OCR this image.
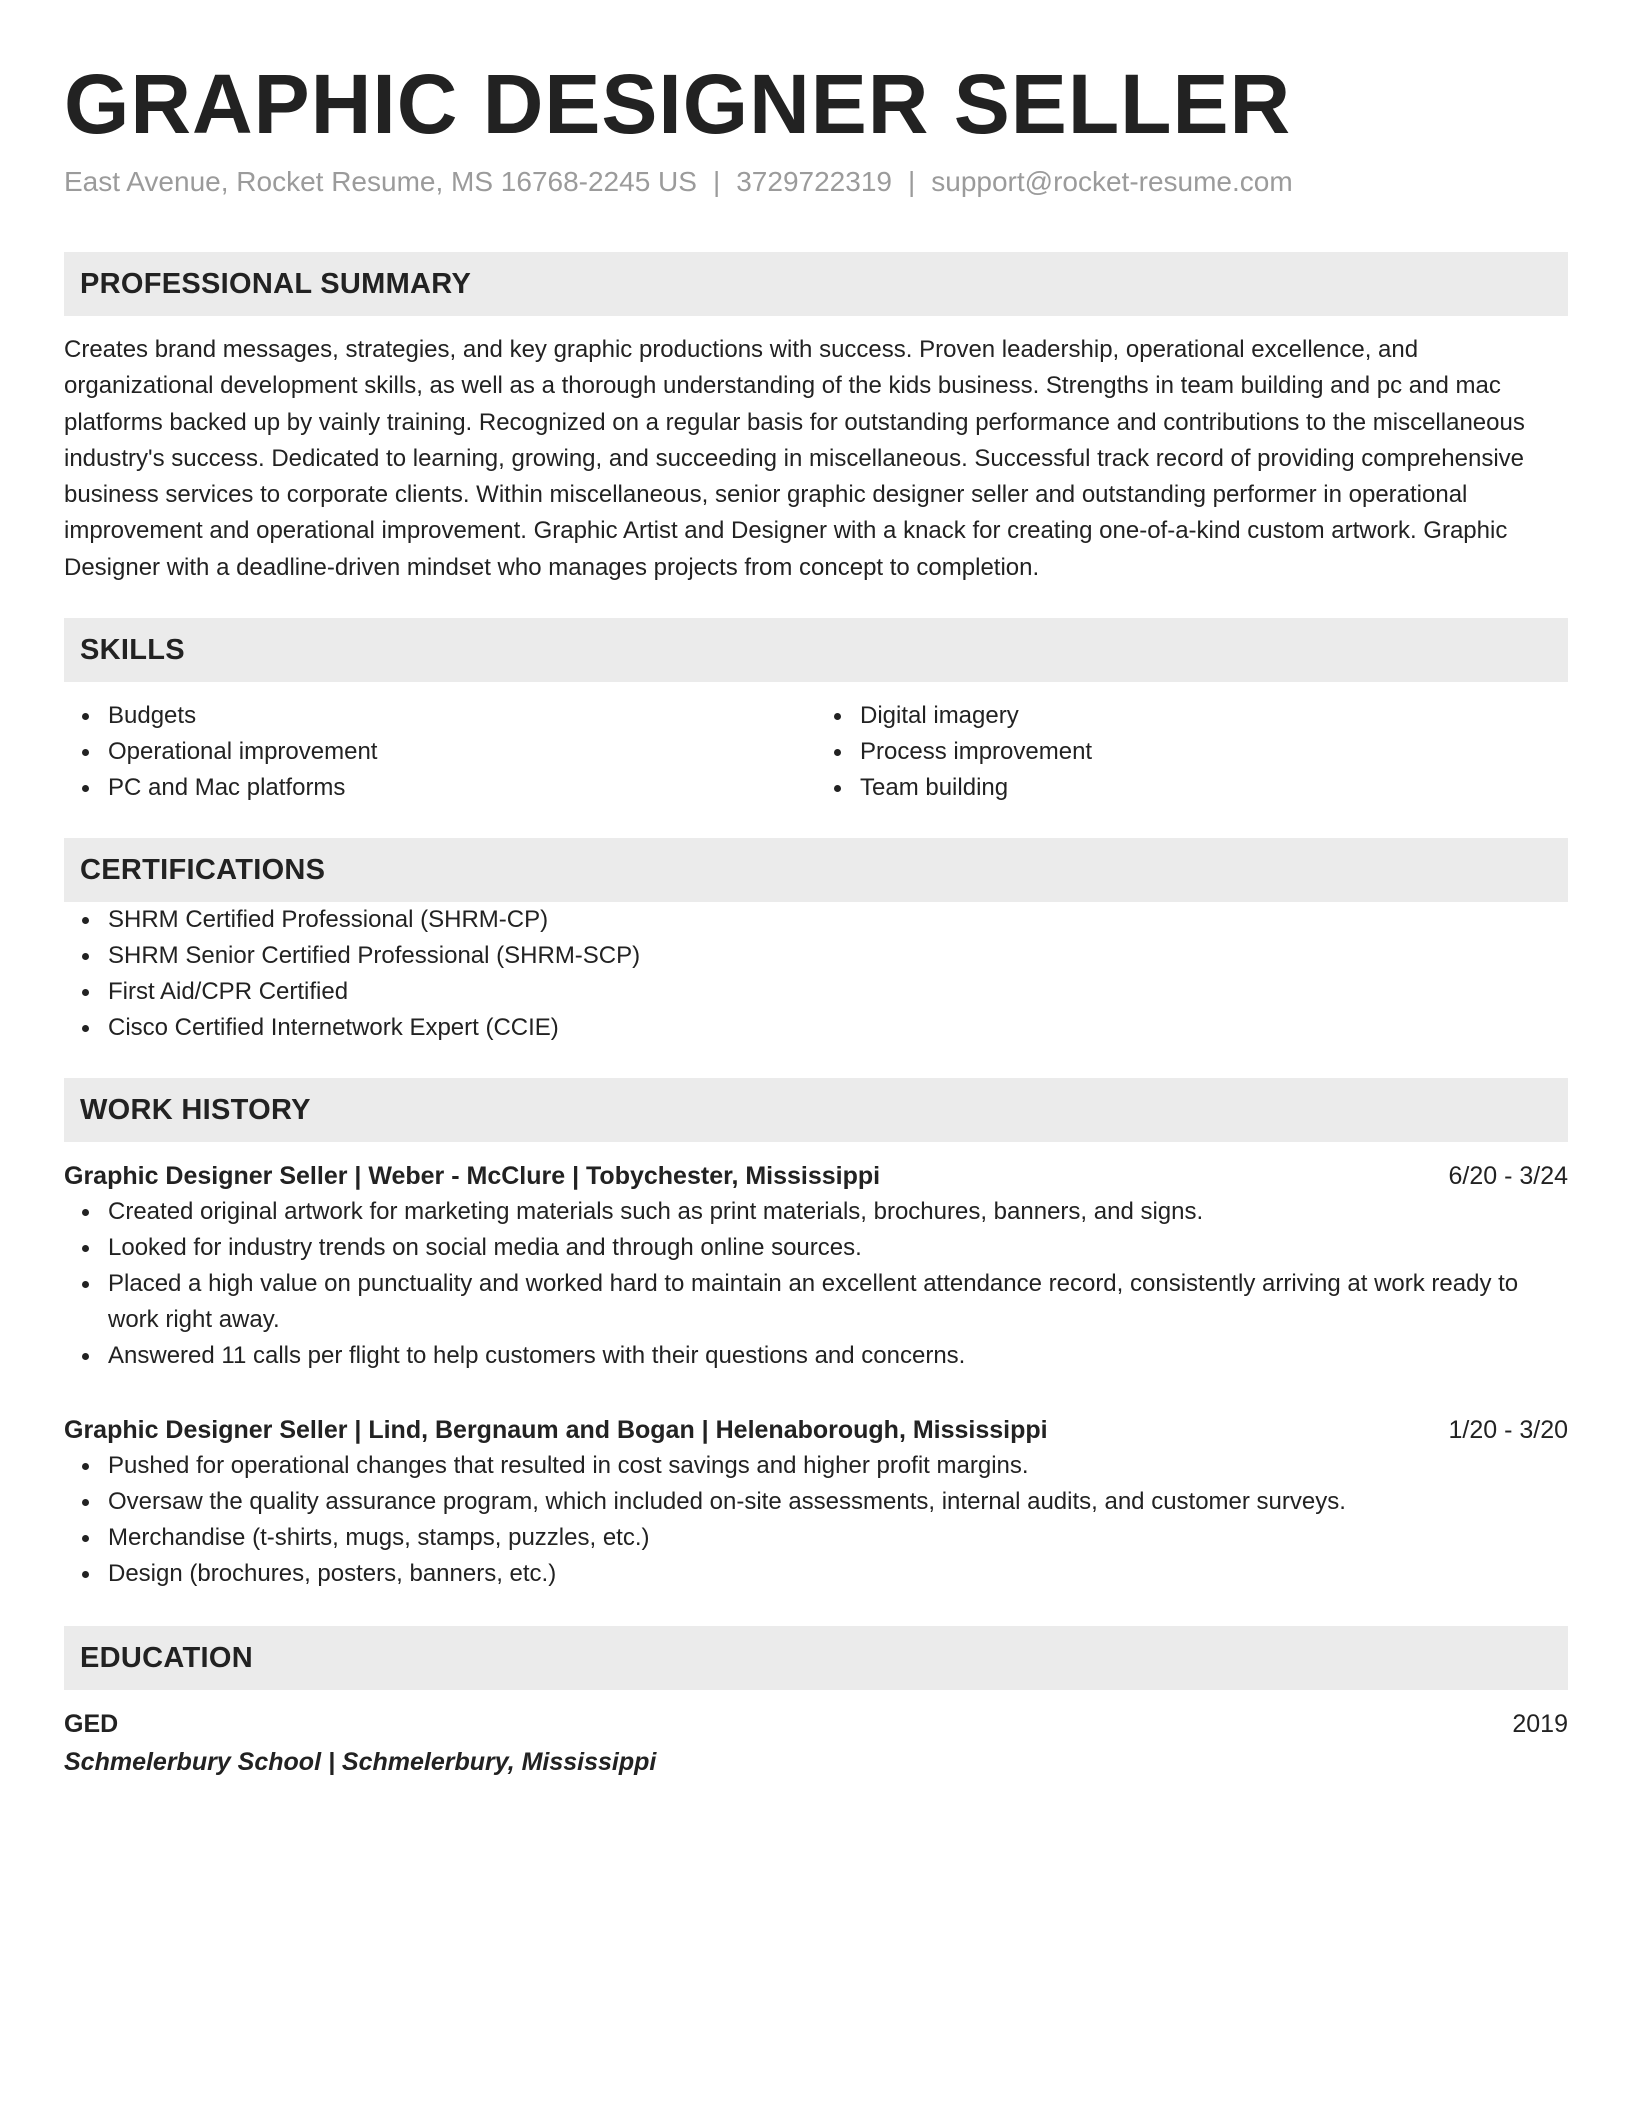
GRAPHIC DESIGNER SELLER
East Avenue, Rocket Resume, MS 16768-2245 US | 3729722319 | support@rocket-resume.com
PROFESSIONAL SUMMARY

Creates brand messages, strategies, and key graphic productions with success. Proven leadership, operational excellence, and organizational development skills, as well as a thorough understanding of the kids business. Strengths in team building and pc and mac platforms backed up by vainly training. Recognized on a regular basis for outstanding performance and contributions to the miscellaneous industry's success. Dedicated to learning, growing, and succeeding in miscellaneous. Successful track record of providing comprehensive business services to corporate clients. Within miscellaneous, senior graphic designer seller and outstanding performer in operational improvement and operational improvement. Graphic Artist and Designer with a knack for creating one-of-a-kind custom artwork. Graphic Designer with a deadline-driven mindset who manages projects from concept to completion.

SKILLS
Budgets
Operational improvement
PC and Mac platforms
Digital imagery
Process improvement
Team building
CERTIFICATIONS
SHRM Certified Professional (SHRM-CP)
SHRM Senior Certified Professional (SHRM-SCP)
First Aid/CPR Certified
Cisco Certified Internetwork Expert (CCIE)
WORK HISTORY
Graphic Designer Seller | Weber - McClure | Tobychester, Mississippi	6/20 - 3/24
Created original artwork for marketing materials such as print materials, brochures, banners, and signs.
Looked for industry trends on social media and through online sources.
Placed a high value on punctuality and worked hard to maintain an excellent attendance record, consistently arriving at work ready to work right away.
Answered 11 calls per flight to help customers with their questions and concerns.
Graphic Designer Seller | Lind, Bergnaum and Bogan | Helenaborough, Mississippi	1/20 - 3/20
Pushed for operational changes that resulted in cost savings and higher profit margins.
Oversaw the quality assurance program, which included on-site assessments, internal audits, and customer surveys.
Merchandise (t-shirts, mugs, stamps, puzzles, etc.)
Design (brochures, posters, banners, etc.)
EDUCATION
GED	2019
Schmelerbury School | Schmelerbury, Mississippi
